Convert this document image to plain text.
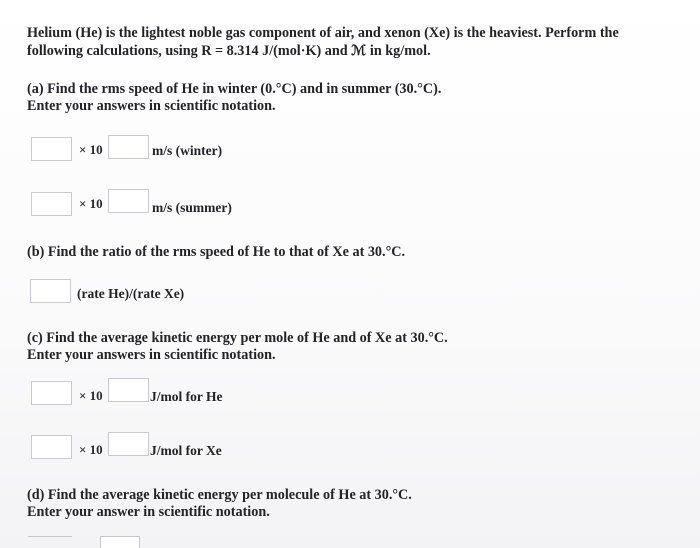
Helium (He) is the lightest noble gas component of air, and xenon (Xe) is the heaviest. Perform the
following calculations, using R = 8.314 J/(mol·K) and ℳ in kg/mol.
(a) Find the rms speed of He in winter (0.°C) and in summer (30.°C).
Enter your answers in scientific notation.
× 10	m/s (winter)
× 10	m/s (summer)
(b) Find the ratio of the rms speed of He to that of Xe at 30.°C.
(rate He)/(rate Xe)
(c) Find the average kinetic energy per mole of He and of Xe at 30.°C.
Enter your answers in scientific notation.
× 10	J/mol for He
× 10	J/mol for Xe
(d) Find the average kinetic energy per molecule of He at 30.°C.
Enter your answer in scientific notation.
